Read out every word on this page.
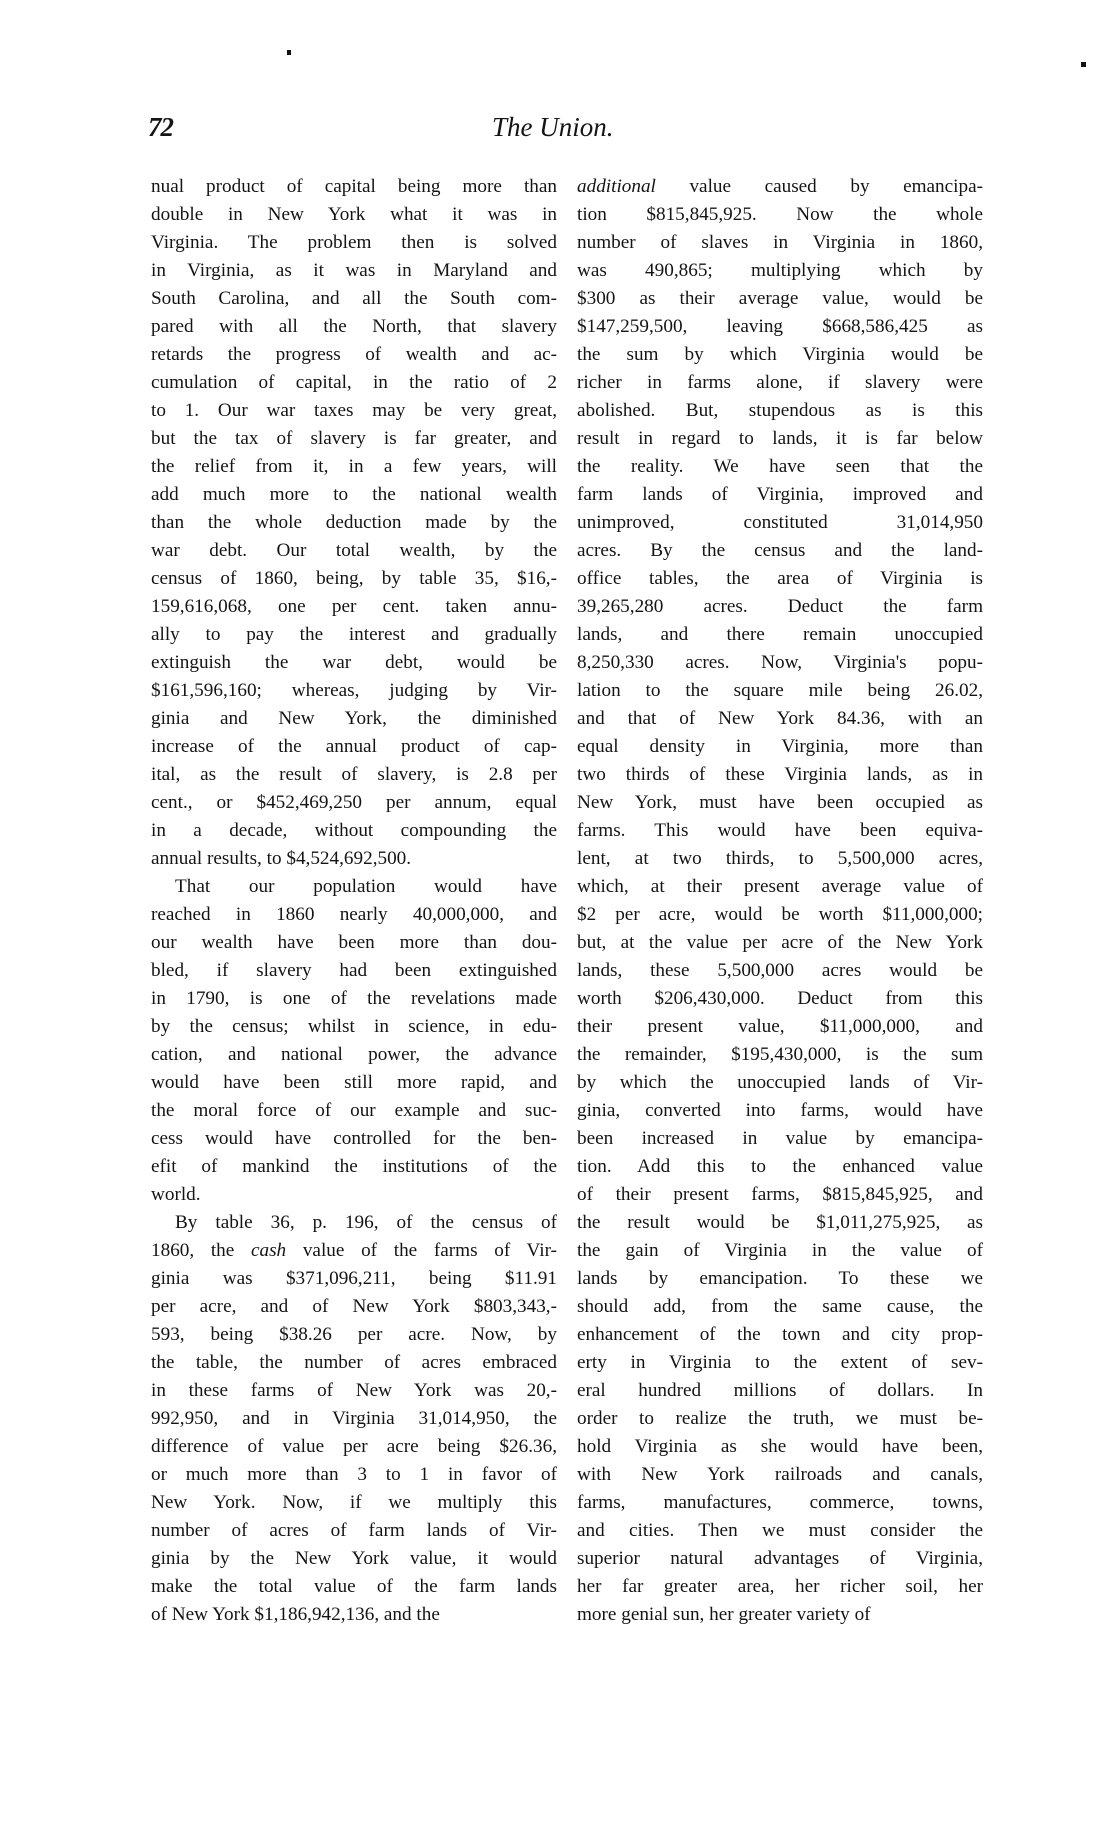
72	The Union.

nual product of capital being more than
double in New York what it was in
Virginia. The problem then is solved
in Virginia, as it was in Maryland and
South Carolina, and all the South com-
pared with all the North, that slavery
retards the progress of wealth and ac-
cumulation of capital, in the ratio of 2
to 1. Our war taxes may be very great,
but the tax of slavery is far greater, and
the relief from it, in a few years, will
add much more to the national wealth
than the whole deduction made by the
war debt. Our total wealth, by the
census of 1860, being, by table 35, $16,-
159,616,068, one per cent. taken annu-
ally to pay the interest and gradually
extinguish the war debt, would be
$161,596,160; whereas, judging by Vir-
ginia and New York, the diminished
increase of the annual product of cap-
ital, as the result of slavery, is 2.8 per
cent., or $452,469,250 per annum, equal
in a decade, without compounding the
annual results, to $4,524,692,500.

That our population would have
reached in 1860 nearly 40,000,000, and
our wealth have been more than dou-
bled, if slavery had been extinguished
in 1790, is one of the revelations made
by the census; whilst in science, in edu-
cation, and national power, the advance
would have been still more rapid, and
the moral force of our example and suc-
cess would have controlled for the ben-
efit of mankind the institutions of the
world.

By table 36, p. 196, of the census of
1860, the cash value of the farms of Vir-
ginia was $371,096,211, being $11.91
per acre, and of New York $803,343,-
593, being $38.26 per acre. Now, by
the table, the number of acres embraced
in these farms of New York was 20,-
992,950, and in Virginia 31,014,950, the
difference of value per acre being $26.36,
or much more than 3 to 1 in favor of
New York. Now, if we multiply this
number of acres of farm lands of Vir-
ginia by the New York value, it would
make the total value of the farm lands
of New York $1,186,942,136, and the

additional value caused by emancipa-
tion $815,845,925. Now the whole
number of slaves in Virginia in 1860,
was 490,865; multiplying which by
$300 as their average value, would be
$147,259,500, leaving $668,586,425 as
the sum by which Virginia would be
richer in farms alone, if slavery were
abolished. But, stupendous as is this
result in regard to lands, it is far below
the reality. We have seen that the
farm lands of Virginia, improved and
unimproved, constituted 31,014,950
acres. By the census and the land-
office tables, the area of Virginia is
39,265,280 acres. Deduct the farm
lands, and there remain unoccupied
8,250,330 acres. Now, Virginia's popu-
lation to the square mile being 26.02,
and that of New York 84.36, with an
equal density in Virginia, more than
two thirds of these Virginia lands, as in
New York, must have been occupied as
farms. This would have been equiva-
lent, at two thirds, to 5,500,000 acres,
which, at their present average value of
$2 per acre, would be worth $11,000,000;
but, at the value per acre of the New York
lands, these 5,500,000 acres would be
worth $206,430,000. Deduct from this
their present value, $11,000,000, and
the remainder, $195,430,000, is the sum
by which the unoccupied lands of Vir-
ginia, converted into farms, would have
been increased in value by emancipa-
tion. Add this to the enhanced value
of their present farms, $815,845,925, and
the result would be $1,011,275,925, as
the gain of Virginia in the value of
lands by emancipation. To these we
should add, from the same cause, the
enhancement of the town and city prop-
erty in Virginia to the extent of sev-
eral hundred millions of dollars. In
order to realize the truth, we must be-
hold Virginia as she would have been,
with New York railroads and canals,
farms, manufactures, commerce, towns,
and cities. Then we must consider the
superior natural advantages of Virginia,
her far greater area, her richer soil, her
more genial sun, her greater variety of
